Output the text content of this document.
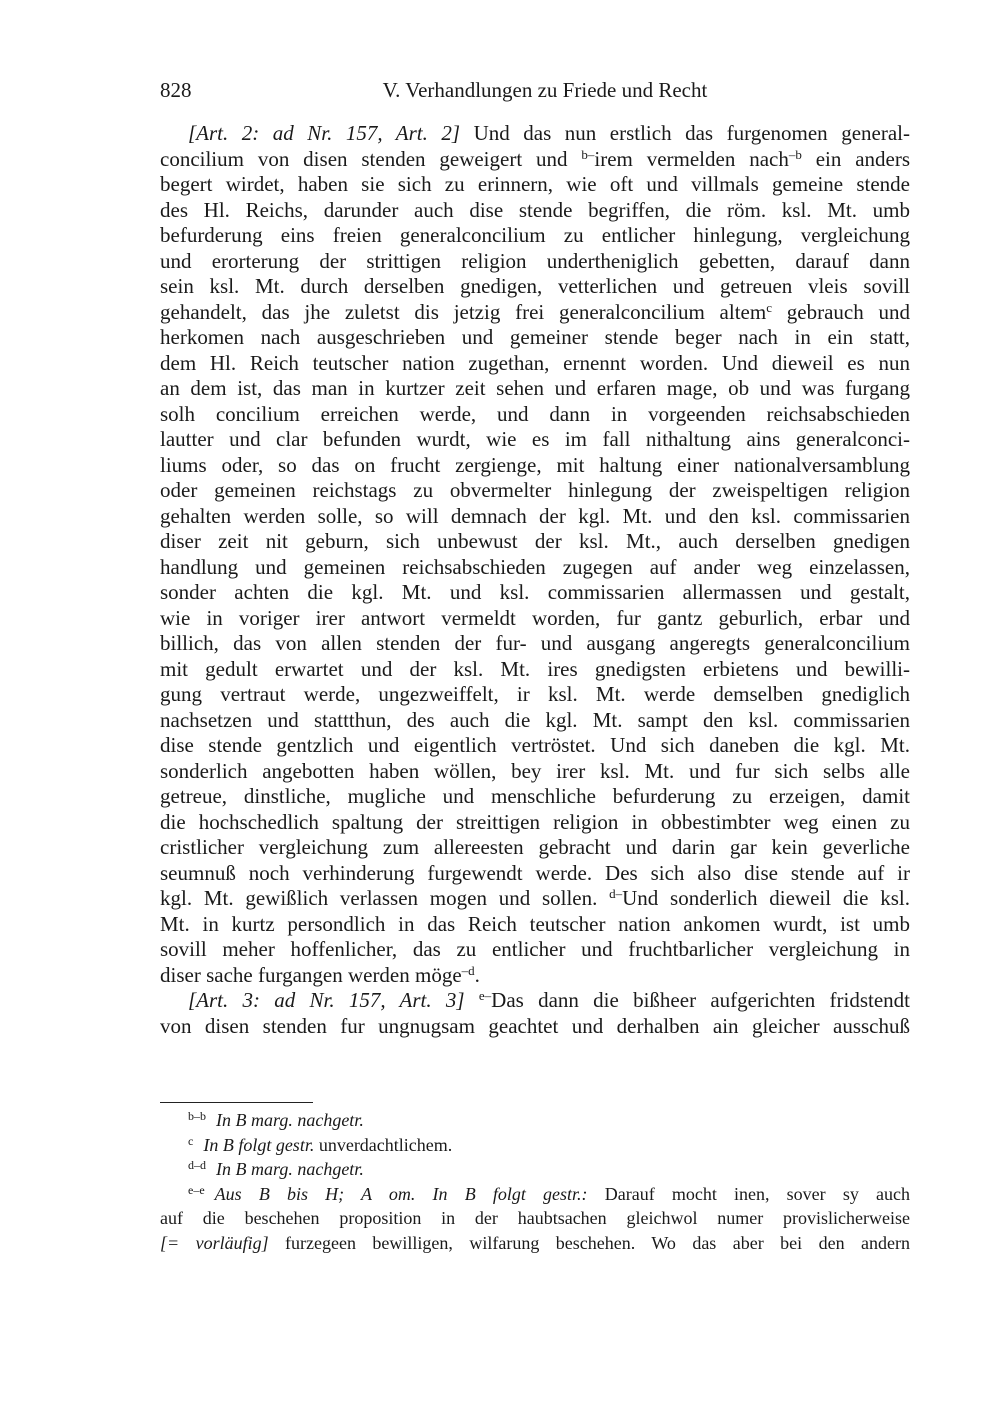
828	V. Verhandlungen zu Friede und Recht
[Art. 2: ad Nr. 157, Art. 2] Und das nun erstlich das furgenomen general-
concilium von disen stenden geweigert und $^{b-}$irem vermelden nach$^{-b}$ ein anders
begert wirdet, haben sie sich zu erinnern, wie oft und villmals gemeine stende
des Hl. Reichs, darunder auch dise stende begriffen, die röm. ksl. Mt. umb
befurderung eins freien generalconcilium zu entlicher hinlegung, vergleichung
und erorterung der strittigen religion undertheniglich gebetten, darauf dann
sein ksl. Mt. durch derselben gnedigen, vetterlichen und getreuen vleis sovill
gehandelt, das jhe zuletst dis jetzig frei generalconcilium altem$^c$ gebrauch und
herkomen nach ausgeschrieben und gemeiner stende beger nach in ein statt,
dem Hl. Reich teutscher nation zugethan, ernennt worden. Und dieweil es nun
an dem ist, das man in kurtzer zeit sehen und erfaren mage, ob und was furgang
solh concilium erreichen werde, und dann in vorgeenden reichsabschieden
lautter und clar befunden wurdt, wie es im fall nithaltung ains generalconci-
liums oder, so das on frucht zergienge, mit haltung einer nationalversamblung
oder gemeinen reichstags zu obvermelter hinlegung der zweispeltigen religion
gehalten werden solle, so will demnach der kgl. Mt. und den ksl. commissarien
diser zeit nit geburn, sich unbewust der ksl. Mt., auch derselben gnedigen
handlung und gemeinen reichsabschieden zugegen auf ander weg einzelassen,
sonder achten die kgl. Mt. und ksl. commissarien allermassen und gestalt,
wie in voriger irer antwort vermeldt worden, fur gantz geburlich, erbar und
billich, das von allen stenden der fur- und ausgang angeregts generalconcilium
mit gedult erwartet und der ksl. Mt. ires gnedigsten erbietens und bewilli-
gung vertraut werde, ungezweiffelt, ir ksl. Mt. werde demselben gnediglich
nachsetzen und stattthun, des auch die kgl. Mt. sampt den ksl. commissarien
dise stende gentzlich und eigentlich vertröstet. Und sich daneben die kgl. Mt.
sonderlich angebotten haben wöllen, bey irer ksl. Mt. und fur sich selbs alle
getreue, dinstliche, mugliche und menschliche befurderung zu erzeigen, damit
die hochschedlich spaltung der streittigen religion in obbestimbter weg einen zu
cristlicher vergleichung zum allereesten gebracht und darin gar kein geverliche
seumnuß noch verhinderung furgewendt werde. Des sich also dise stende auf ir
kgl. Mt. gewißlich verlassen mogen und sollen. $^{d-}$Und sonderlich dieweil die ksl.
Mt. in kurtz persondlich in das Reich teutscher nation ankomen wurdt, ist umb
sovill meher hoffenlicher, das zu entlicher und fruchtbarlicher vergleichung in
diser sache furgangen werden möge$^{-d}$.
[Art. 3: ad Nr. 157, Art. 3] $^{e-}$Das dann die bißheer aufgerichten fridstendt
von disen stenden fur ungnugsam geachtet und derhalben ain gleicher ausschuß
$^{b-b}$ In B marg. nachgetr.
$^c$ In B folgt gestr. unverdachtlichem.
$^{d-d}$ In B marg. nachgetr.
$^{e-e}$ Aus B bis H; A om. In B folgt gestr.: Darauf mocht inen, sover sy auch
auf die beschehen proposition in der haubtsachen gleichwol numer provislicherweise
[= vorläufig] furzegeen bewilligen, wilfarung beschehen. Wo das aber bei den andern
